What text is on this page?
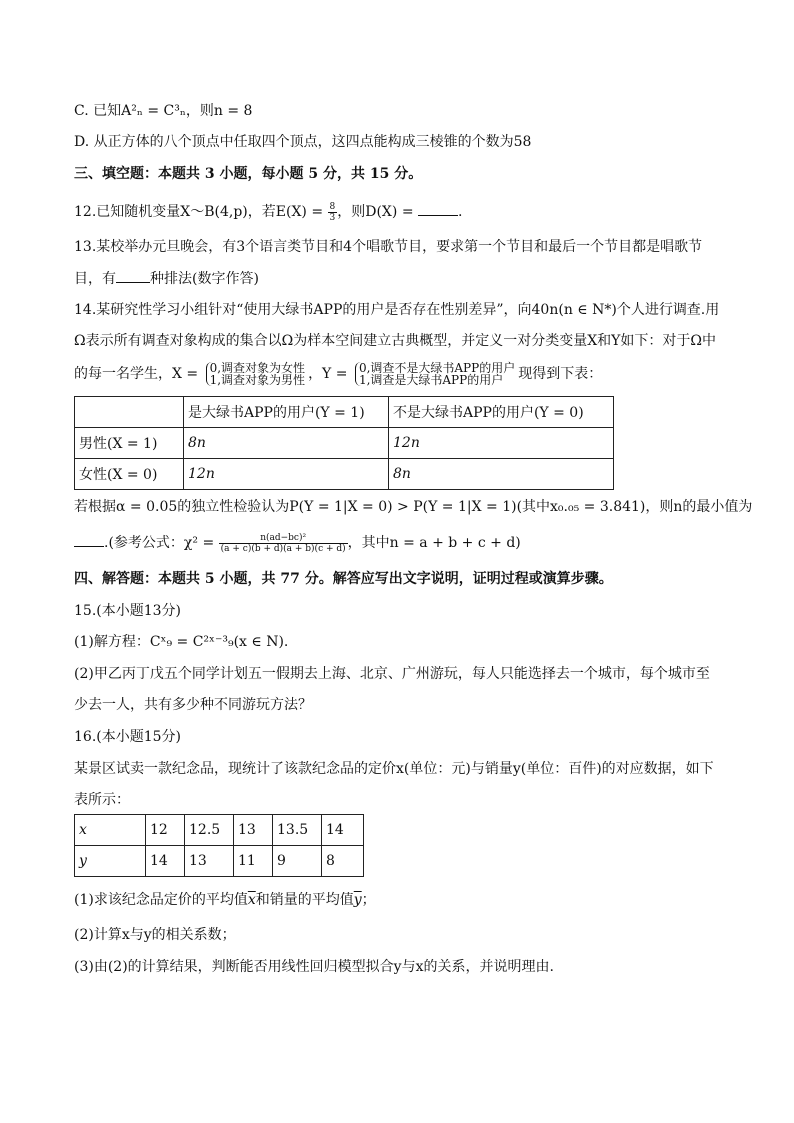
C. 已知A²ₙ = C³ₙ，则n = 8
D. 从正方体的八个顶点中任取四个顶点，这四点能构成三棱锥的个数为58
三、填空题：本题共 3 小题，每小题 5 分，共 15 分。
12.已知随机变量X～B(4,p)，若$E(X) = \frac{8}{3}$ ，则D(X) =	.
13.某校举办元旦晚会，有3个语言类节目和4个唱歌节目，要求第一个节目和最后一个节目都是唱歌节
目，有 种排法(数字作答)
14.某研究性学习小组针对“使用大绿书APP的用户是否存在性别差异”，向40n(n ∈ N*)个人进行调查.用
Ω表示所有调查对象构成的集合以Ω为样本空间建立古典概型，并定义一对分类变量X和Y如下：对于Ω中
的每一名学生，X = 0,调查对象为女性
1,调查对象为男性 ，Y = 0,调查不是大绿书APP的用户
1,调查是大绿书APP的用户	现得到下表：
	是大绿书APP的用户(Y = 1)	不是大绿书APP的用户(Y = 0)
男性(X = 1)	8n	12n
女性(X = 0)	12n	8n
若根据α = 0.05的独立性检验认为P(Y = 1|X = 0) > P(Y = 1|X = 1)(其中x₀.₀₅ = 3.841)，则n的最小值为
.(参考公式：$\chi^2 = \frac{\text{n(ad−bc)²}}{(a + c)(b + d)(a + b)(c + d)}$ ，其中n = a + b + c + d)
四、解答题：本题共 5 小题，共 77 分。解答应写出文字说明，证明过程或演算步骤。
15.(本小题13分)
(1)解方程：Cˣ₉ = C²ˣ⁻³₉(x ∈ N).
(2)甲乙丙丁戊五个同学计划五一假期去上海、北京、广州游玩，每人只能选择去一个城市，每个城市至
少去一人，共有多少种不同游玩方法？
16.(本小题15分)
某景区试卖一款纪念品，现统计了该款纪念品的定价x(单位：元)与销量y(单位：百件)的对应数据，如下
表所示：
x	12	12.5	13	13.5	14
y	14	13	11	9	8
(1)求该纪念品定价的平均值$\overline{x}$和销量的平均值$\overline{y}$；
(2)计算x与y的相关系数；
(3)由(2)的计算结果，判断能否用线性回归模型拟合y与x的关系，并说明理由.
